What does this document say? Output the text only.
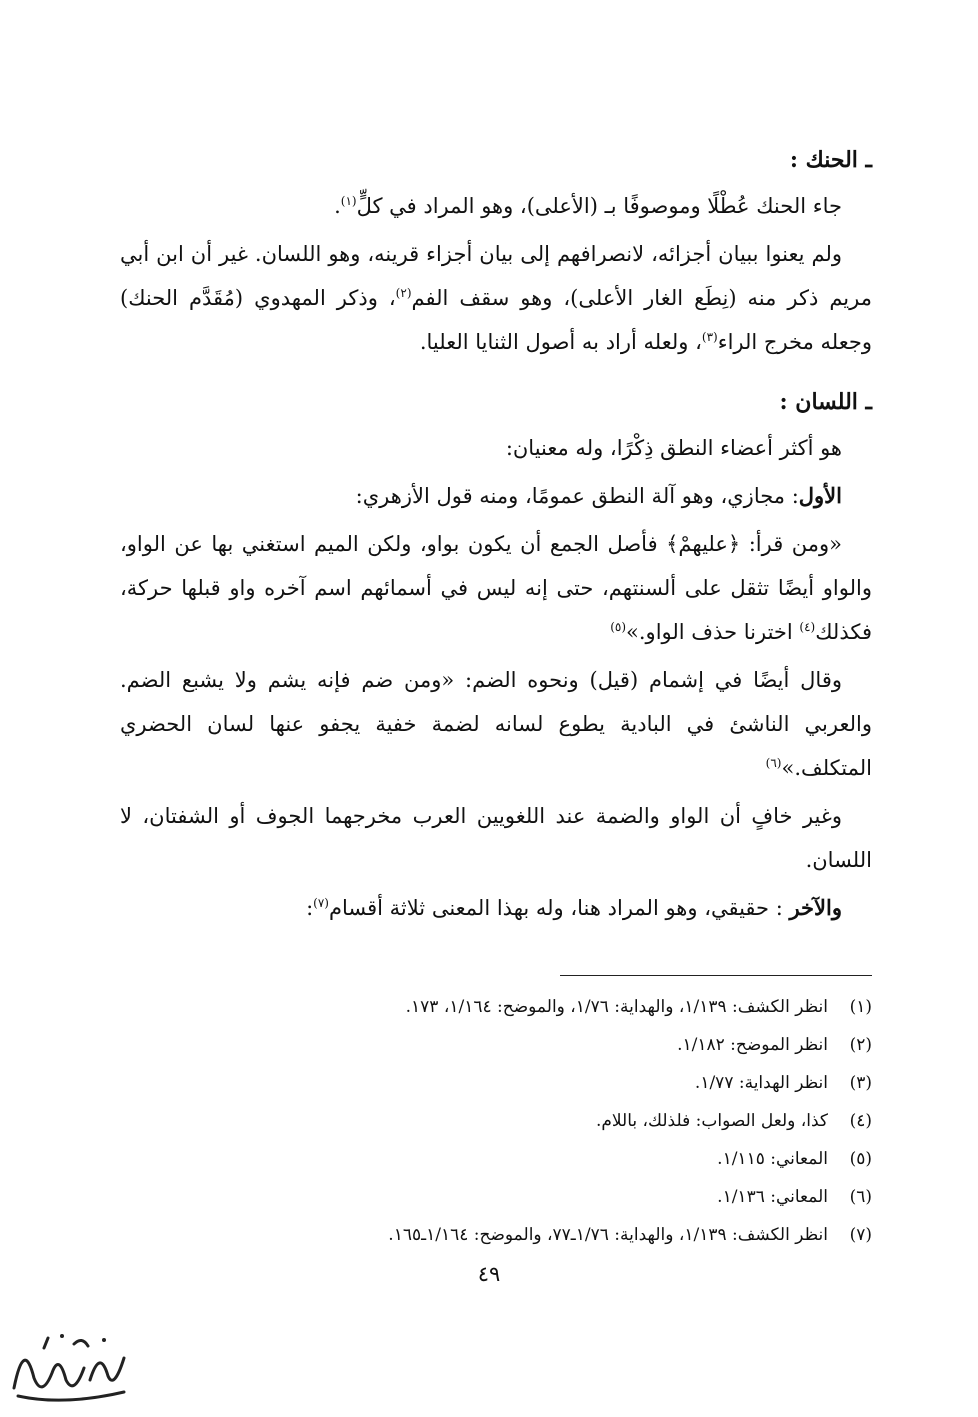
ـ الحنك :

جاء الحنك عُطْلًا وموصوفًا بـ (الأعلى)، وهو المراد في كلٍّ$^{(١)}$.

ولم يعنوا ببيان أجزائه، لانصرافهم إلى بيان أجزاء قرينه، وهو اللسان. غير أن ابن أبي مريم ذكر منه (نِطَع الغار الأعلى)، وهو سقف الفم$^{(٢)}$، وذكر المهدوي (مُقَدَّم الحنك) وجعله مخرج الراء$^{(٣)}$، ولعله أراد به أصول الثنايا العليا.

ـ اللسان :

هو أكثر أعضاء النطق ذِكْرًا، وله معنيان:

الأول: مجازي، وهو آلة النطق عمومًا، ومنه قول الأزهري:

«ومن قرأ: ﴿عليهمْ﴾ فأصل الجمع أن يكون بواو، ولكن الميم استغني بها عن الواو، والواو أيضًا تثقل على ألسنتهم، حتى إنه ليس في أسمائهم اسم آخره واو قبلها حركة، فكذلك$^{(٤)}$ اخترنا حذف الواو.»$^{(٥)}$

وقال أيضًا في إشمام (قيل) ونحوه الضم: «ومن ضم فإنه يشم ولا يشبع الضم. والعربي الناشئ في البادية يطوع لسانه لضمة خفية يجفو عنها لسان الحضري المتكلف.»$^{(٦)}$

وغير خافٍ أن الواو والضمة عند اللغويين العرب مخرجهما الجوف أو الشفتان، لا اللسان.

والآخر : حقيقي، وهو المراد هنا، وله بهذا المعنى ثلاثة أقسام$^{(٧)}$:

(١)انظر الكشف: ١/١٣٩، والهداية: ١/٧٦، والموضح: ١/١٦٤، ١٧٣.

(٢)انظر الموضح: ١/١٨٢.

(٣)انظر الهداية: ١/٧٧.

(٤)كذا، ولعل الصواب: فلذلك، باللام.

(٥)المعاني: ١/١١٥.

(٦)المعاني: ١/١٣٦.

(٧)انظر الكشف: ١/١٣٩، والهداية: ١/٧٦ـ٧٧، والموضح: ١/١٦٤ـ١٦٥.

٤٩
